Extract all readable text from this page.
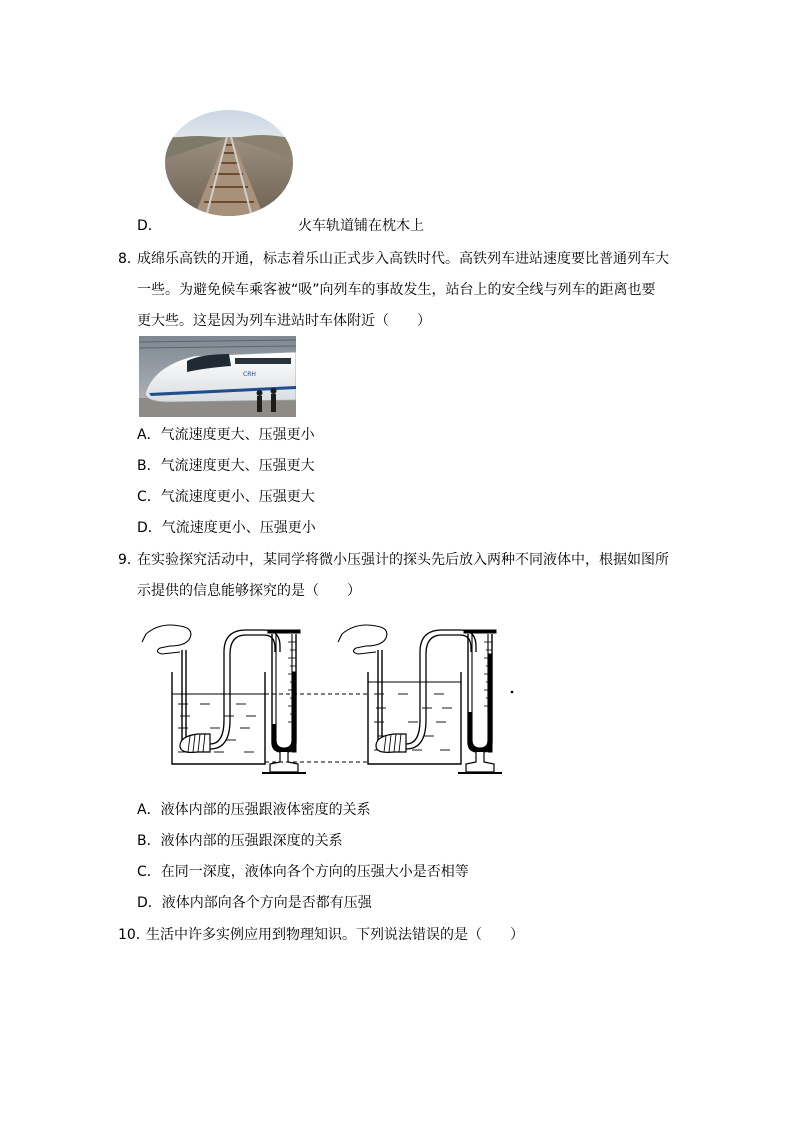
D．	火车轨道铺在枕木上
8．
成绵乐高铁的开通，标志着乐山正式步入高铁时代。高铁列车进站速度要比普通列车大
一些。为避免候车乘客被“吸”向列车的事故发生，站台上的安全线与列车的距离也要
更大些。这是因为列车进站时车体附近（　　）
CRH
A．气流速度更大、压强更小
B．气流速度更大、压强更大
C．气流速度更小、压强更大
D．气流速度更小、压强更小
9．
在实验探究活动中，某同学将微小压强计的探头先后放入两种不同液体中，根据如图所
示提供的信息能够探究的是（　　）
A．液体内部的压强跟液体密度的关系
B．液体内部的压强跟深度的关系
C．在同一深度，液体向各个方向的压强大小是否相等
D．液体内部向各个方向是否都有压强
10．
生活中许多实例应用到物理知识。下列说法错误的是（　　）
